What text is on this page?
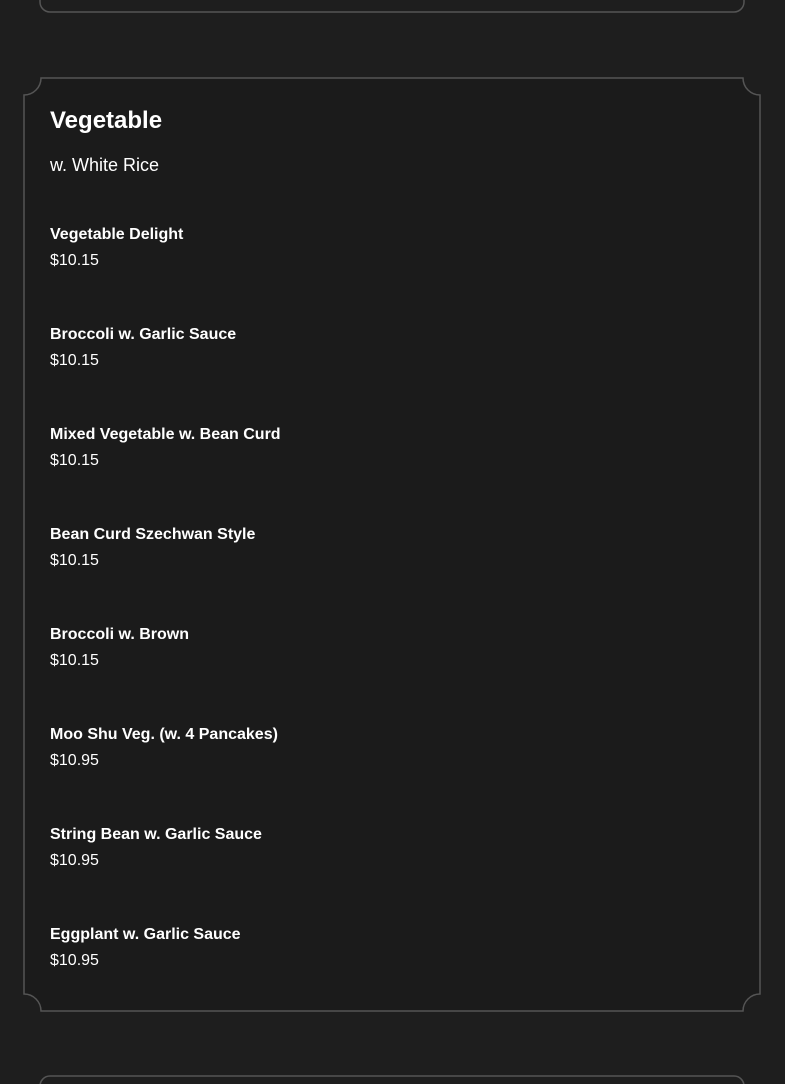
Vegetable

w. White Rice

Vegetable Delight
$10.15
Broccoli w. Garlic Sauce
$10.15
Mixed Vegetable w. Bean Curd
$10.15
Bean Curd Szechwan Style
$10.15
Broccoli w. Brown
$10.15
Moo Shu Veg. (w. 4 Pancakes)
$10.95
String Bean w. Garlic Sauce
$10.95
Eggplant w. Garlic Sauce
$10.95
